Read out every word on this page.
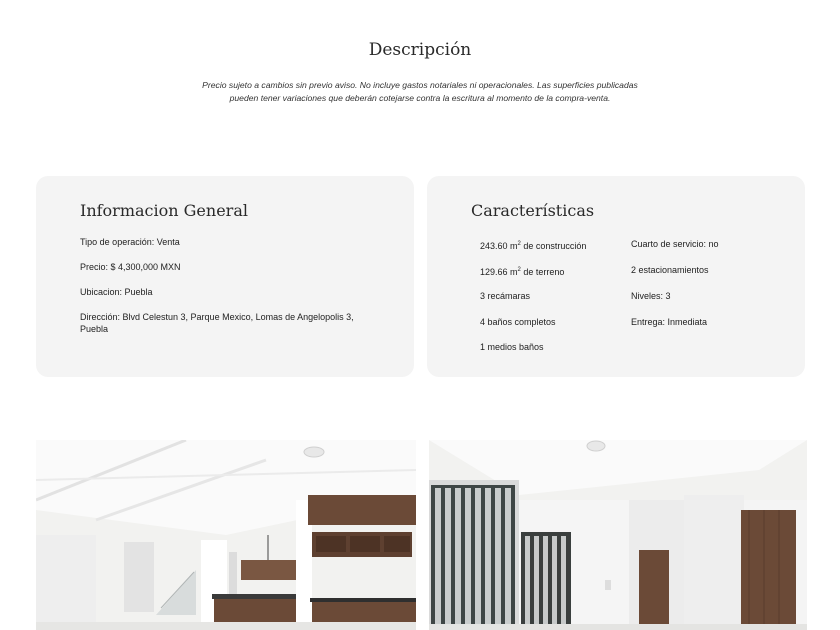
Descripción

Precio sujeto a cambios sin previo aviso. No incluye gastos notariales ni operacionales. Las superficies publicadas pueden tener variaciones que deberán cotejarse contra la escritura al momento de la compra-venta.

Informacion General

Tipo de operación: Venta

Precio: $ 4,300,000 MXN

Ubicacion: Puebla

Dirección: Blvd Celestun 3, Parque Mexico, Lomas de Angelopolis 3, Puebla

Características
243.60 $m^2$ de construcción
129.66 $m^2$ de terreno
3 recámaras
4 baños completos
1 medios baños
Cuarto de servicio: no
2 estacionamientos
Niveles: 3
Entrega: Inmediata
